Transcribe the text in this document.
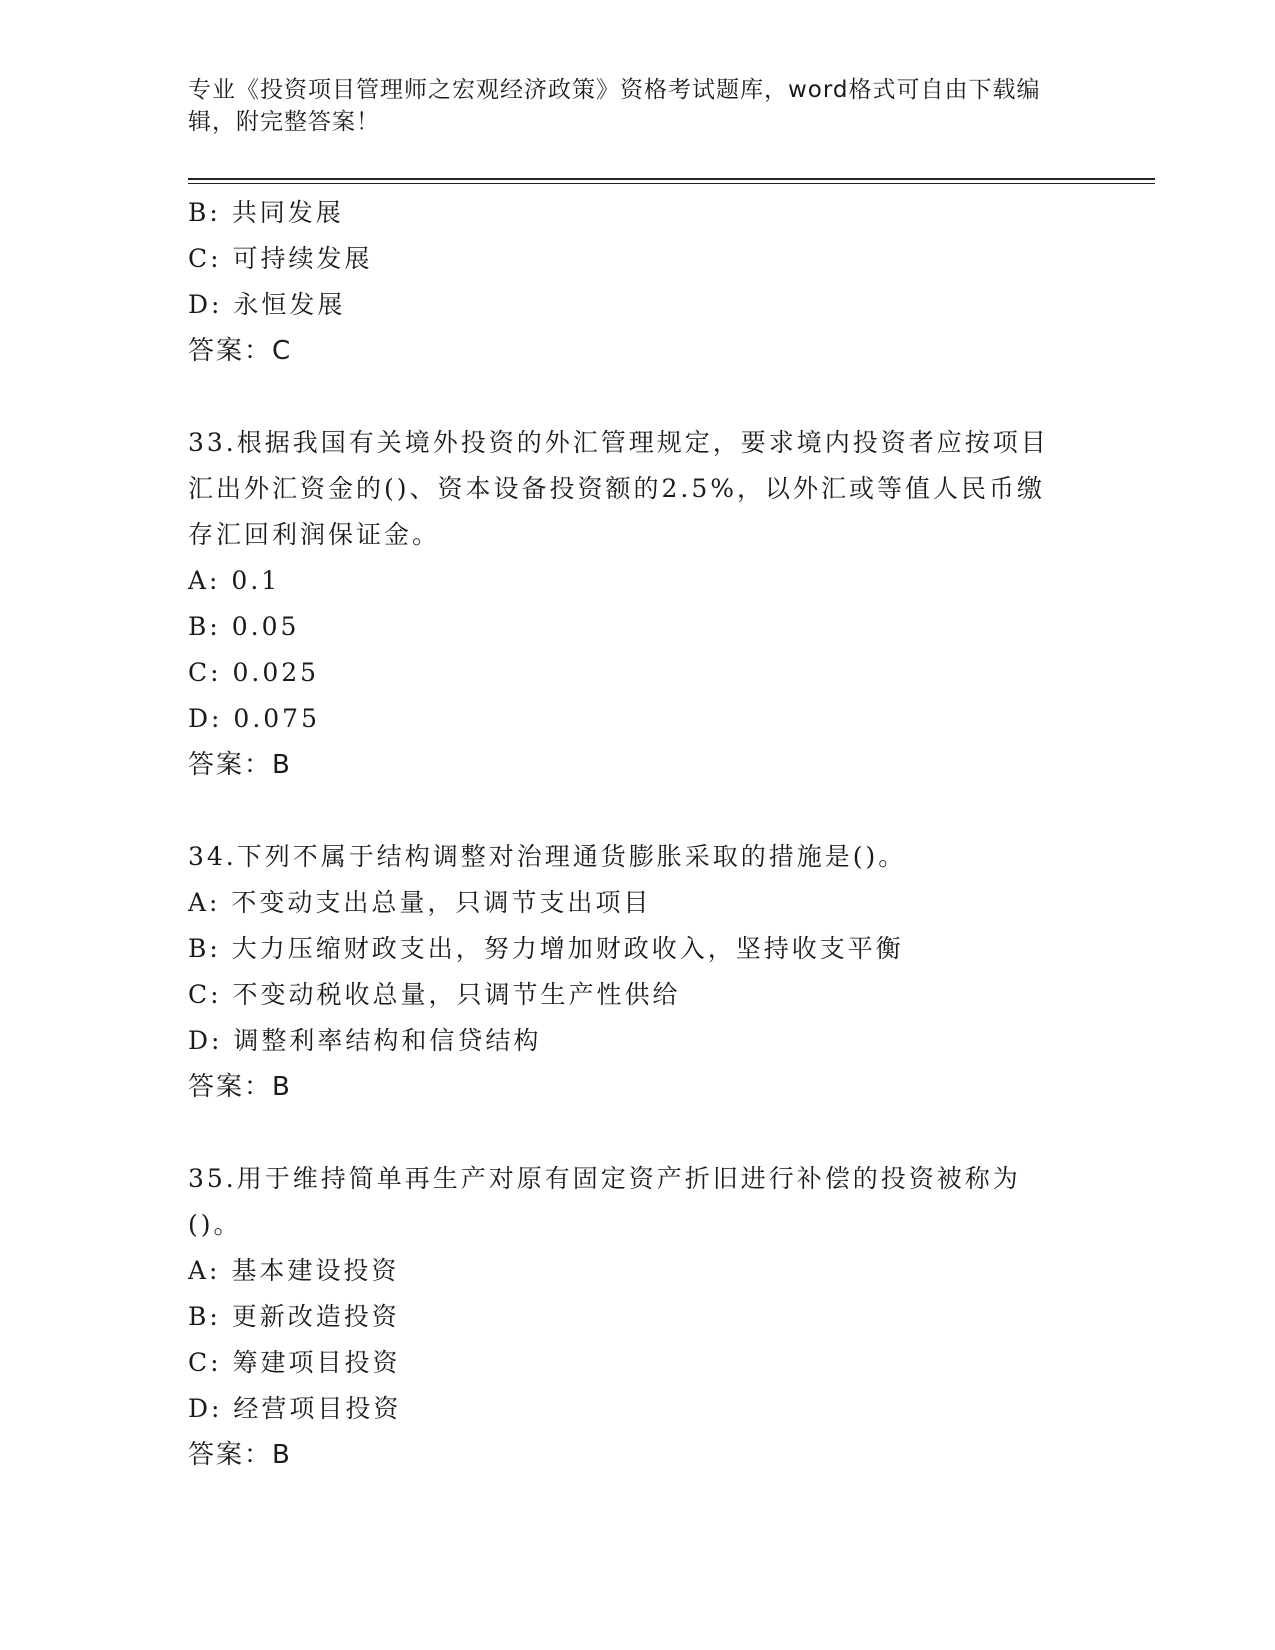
专业《投资项目管理师之宏观经济政策》资格考试题库，word格式可自由下载编辑，附完整答案！
B: 共同发展
C: 可持续发展
D: 永恒发展
答案：C
33.根据我国有关境外投资的外汇管理规定，要求境内投资者应按项目汇出外汇资金的()、资本设备投资额的2.5%，以外汇或等值人民币缴存汇回利润保证金。
A: 0.1
B: 0.05
C: 0.025
D: 0.075
答案：B
34.下列不属于结构调整对治理通货膨胀采取的措施是()。
A: 不变动支出总量，只调节支出项目
B: 大力压缩财政支出，努力增加财政收入，坚持收支平衡
C: 不变动税收总量，只调节生产性供给
D: 调整利率结构和信贷结构
答案：B
35.用于维持简单再生产对原有固定资产折旧进行补偿的投资被称为()。
A: 基本建设投资
B: 更新改造投资
C: 筹建项目投资
D: 经营项目投资
答案：B
